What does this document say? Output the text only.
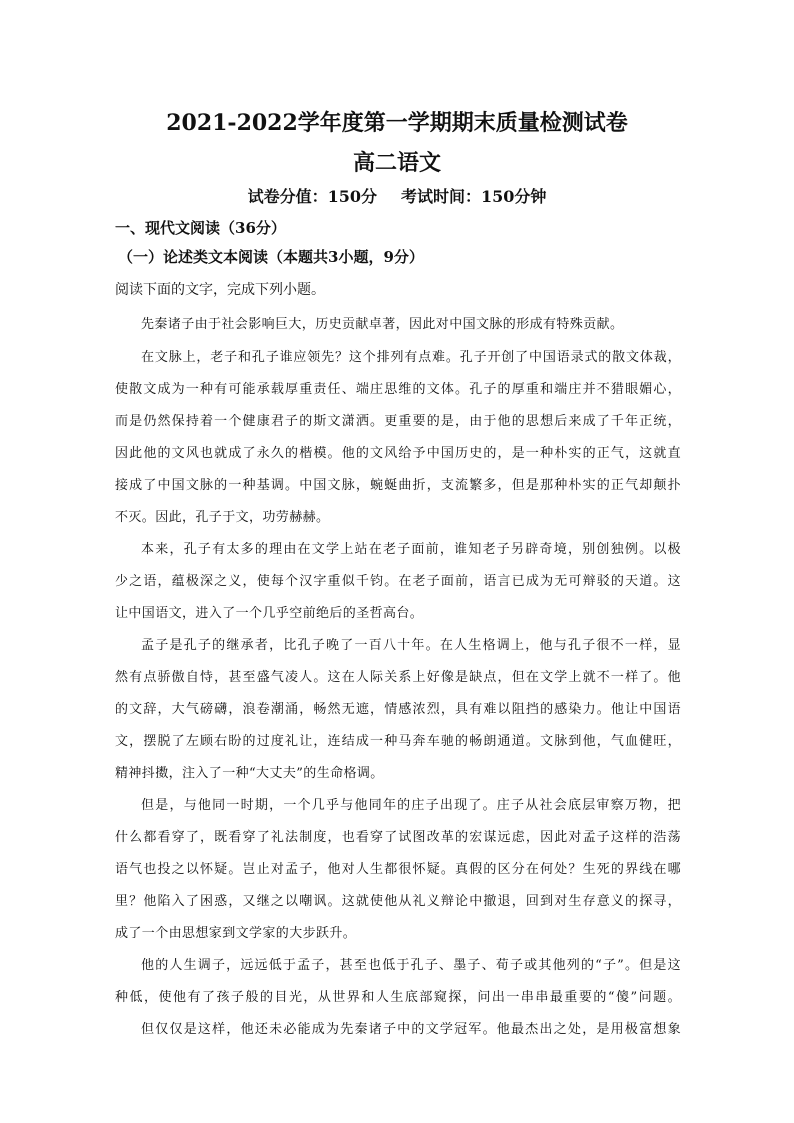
2021-2022学年度第一学期期末质量检测试卷
高二语文
试卷分值：150分 考试时间：150分钟
一、现代文阅读（36分）
（一）论述类文本阅读（本题共3小题，9分）
阅读下面的文字，完成下列小题。
先秦诸子由于社会影响巨大，历史贡献卓著，因此对中国文脉的形成有特殊贡献。
在文脉上，老子和孔子谁应领先？这个排列有点难。孔子开创了中国语录式的散文体裁，
使散文成为一种有可能承载厚重责任、端庄思维的文体。孔子的厚重和端庄并不猎眼媚心，
而是仍然保持着一个健康君子的斯文潇洒。更重要的是，由于他的思想后来成了千年正统，
因此他的文风也就成了永久的楷模。他的文风给予中国历史的，是一种朴实的正气，这就直
接成了中国文脉的一种基调。中国文脉，蜿蜒曲折，支流繁多，但是那种朴实的正气却颠扑
不灭。因此，孔子于文，功劳赫赫。
本来，孔子有太多的理由在文学上站在老子面前，谁知老子另辟奇境，别创独例。以极
少之语，蕴极深之义，使每个汉字重似千钧。在老子面前，语言已成为无可辩驳的天道。这
让中国语文，进入了一个几乎空前绝后的圣哲高台。
孟子是孔子的继承者，比孔子晚了一百八十年。在人生格调上，他与孔子很不一样，显
然有点骄傲自恃，甚至盛气凌人。这在人际关系上好像是缺点，但在文学上就不一样了。他
的文辞，大气磅礴，浪卷潮涌，畅然无遮，情感浓烈，具有难以阻挡的感染力。他让中国语
文，摆脱了左顾右盼的过度礼让，连结成一种马奔车驰的畅朗通道。文脉到他，气血健旺，
精神抖擞，注入了一种“大丈夫”的生命格调。
但是，与他同一时期，一个几乎与他同年的庄子出现了。庄子从社会底层审察万物，把
什么都看穿了，既看穿了礼法制度，也看穿了试图改革的宏谋远虑，因此对孟子这样的浩荡
语气也投之以怀疑。岂止对孟子，他对人生都很怀疑。真假的区分在何处？生死的界线在哪
里？他陷入了困惑，又继之以嘲讽。这就使他从礼义辩论中撤退，回到对生存意义的探寻，
成了一个由思想家到文学家的大步跃升。
他的人生调子，远远低于孟子，甚至也低于孔子、墨子、荀子或其他列的“子”。但是这
种低，使他有了孩子般的目光，从世界和人生底部窥探，问出一串串最重要的“傻”问题。
但仅仅是这样，他还未必能成为先秦诸子中的文学冠军。他最杰出之处，是用极富想象
